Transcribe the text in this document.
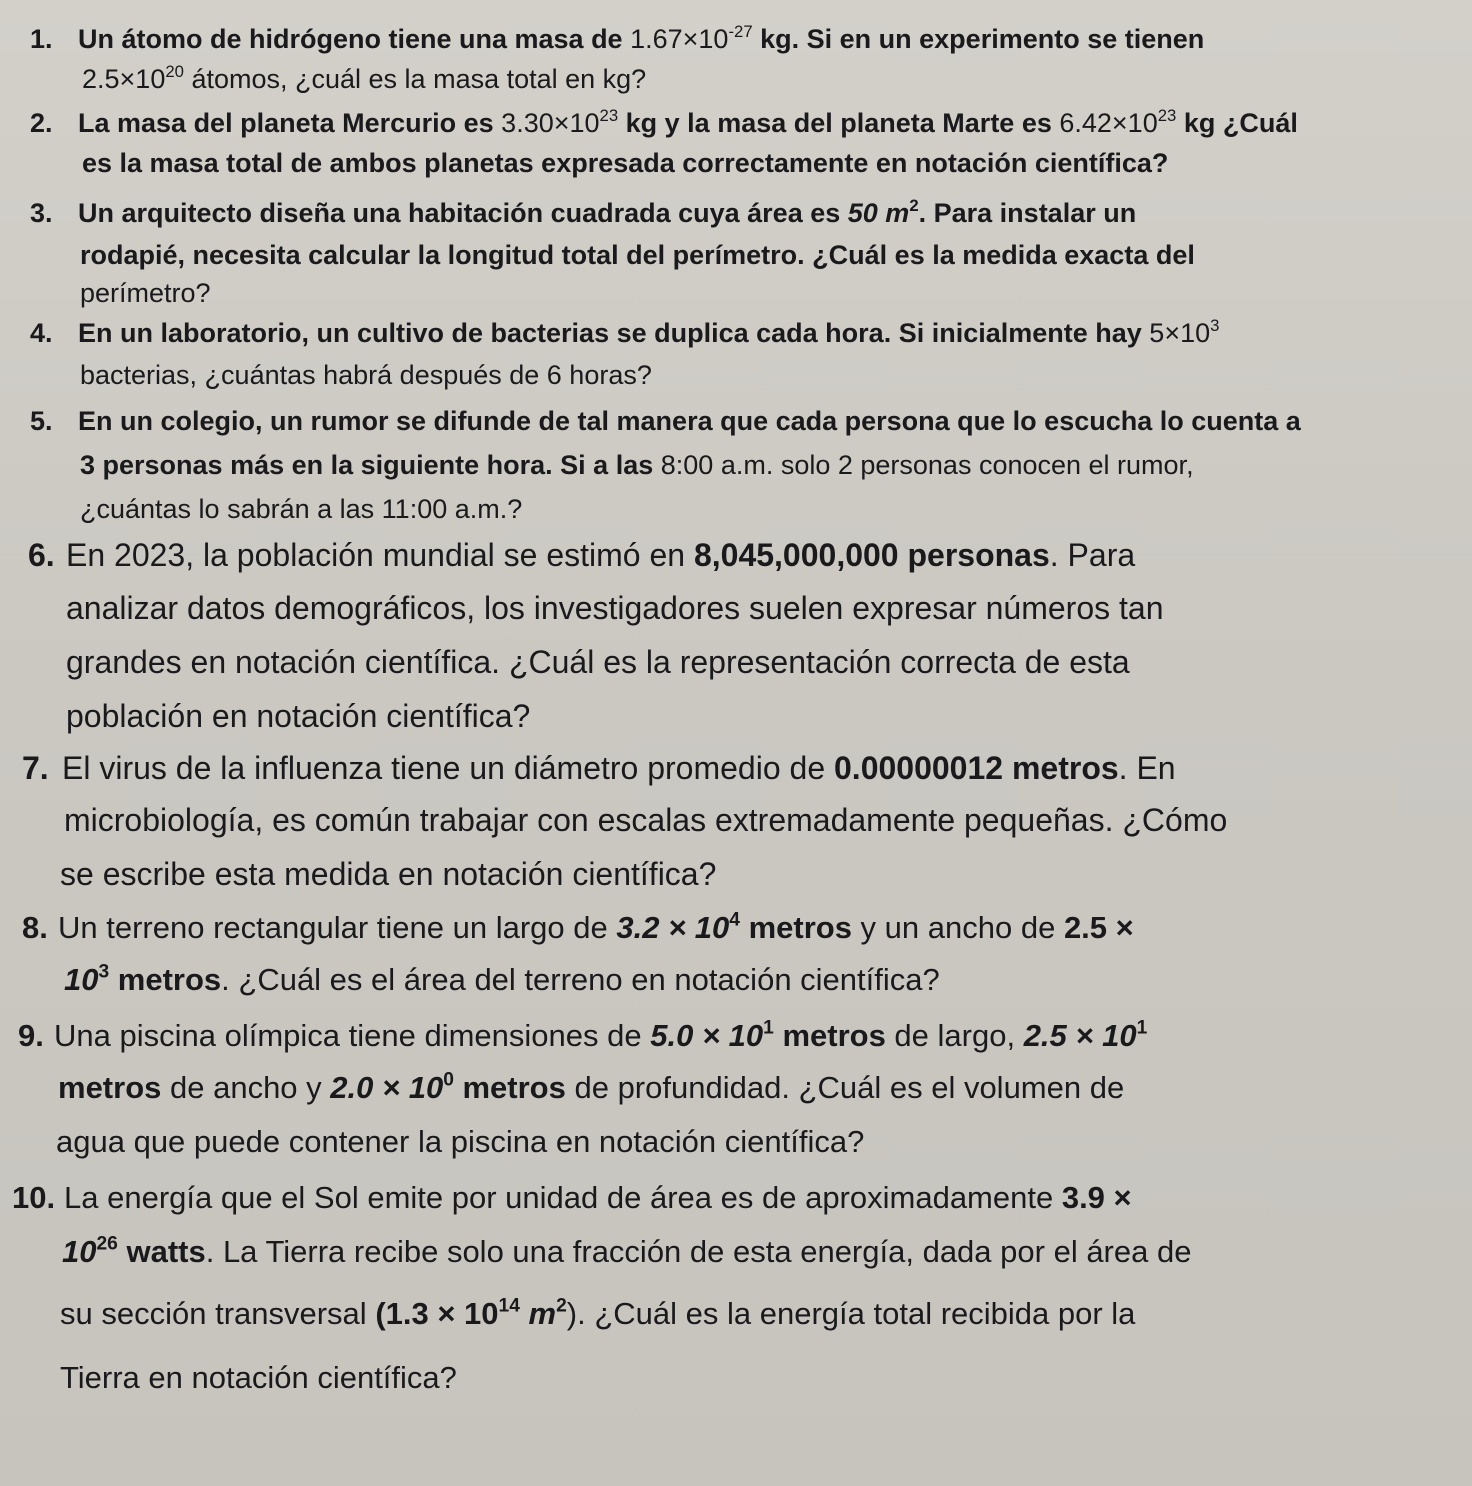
1. Un átomo de hidrógeno tiene una masa de $1.67\times 10^{-27}$ kg. Si en un experimento se tienen

$2.5\times 10^{20}$ átomos, ¿cuál es la masa total en kg?

2. La masa del planeta Mercurio es $3.30\times 10^{23}$ kg y la masa del planeta Marte es $6.42\times 10^{23}$ kg ¿Cuál

es la masa total de ambos planetas expresada correctamente en notación científica?

3. Un arquitecto diseña una habitación cuadrada cuya área es 50 $m^2$. Para instalar un

rodapié, necesita calcular la longitud total del perímetro. ¿Cuál es la medida exacta del

perímetro?

4. En un laboratorio, un cultivo de bacterias se duplica cada hora. Si inicialmente hay $5\times 10^3$

bacterias, ¿cuántas habrá después de 6 horas?

5. En un colegio, un rumor se difunde de tal manera que cada persona que lo escucha lo cuenta a

3 personas más en la siguiente hora. Si a las 8:00 a.m. solo 2 personas conocen el rumor,

¿cuántas lo sabrán a las 11:00 a.m.?

6. En 2023, la población mundial se estimó en 8,045,000,000 personas. Para

analizar datos demográficos, los investigadores suelen expresar números tan

grandes en notación científica. ¿Cuál es la representación correcta de esta

población en notación científica?

7. El virus de la influenza tiene un diámetro promedio de 0.00000012 metros. En

microbiología, es común trabajar con escalas extremadamente pequeñas. ¿Cómo

se escribe esta medida en notación científica?

8. Un terreno rectangular tiene un largo de $3.2 \times 10^4$ metros y un ancho de 2.5 ×

$10^3$ metros. ¿Cuál es el área del terreno en notación científica?

9. Una piscina olímpica tiene dimensiones de $5.0 \times 10^1$ metros de largo, $2.5 \times 10^1$

metros de ancho y $2.0 \times 10^0$ metros de profundidad. ¿Cuál es el volumen de

agua que puede contener la piscina en notación científica?

10. La energía que el Sol emite por unidad de área es de aproximadamente 3.9 ×

$10^{26}$ watts. La Tierra recibe solo una fracción de esta energía, dada por el área de

su sección transversal ($1.3 \times 10^{14}$ $m^2$). ¿Cuál es la energía total recibida por la

Tierra en notación científica?
